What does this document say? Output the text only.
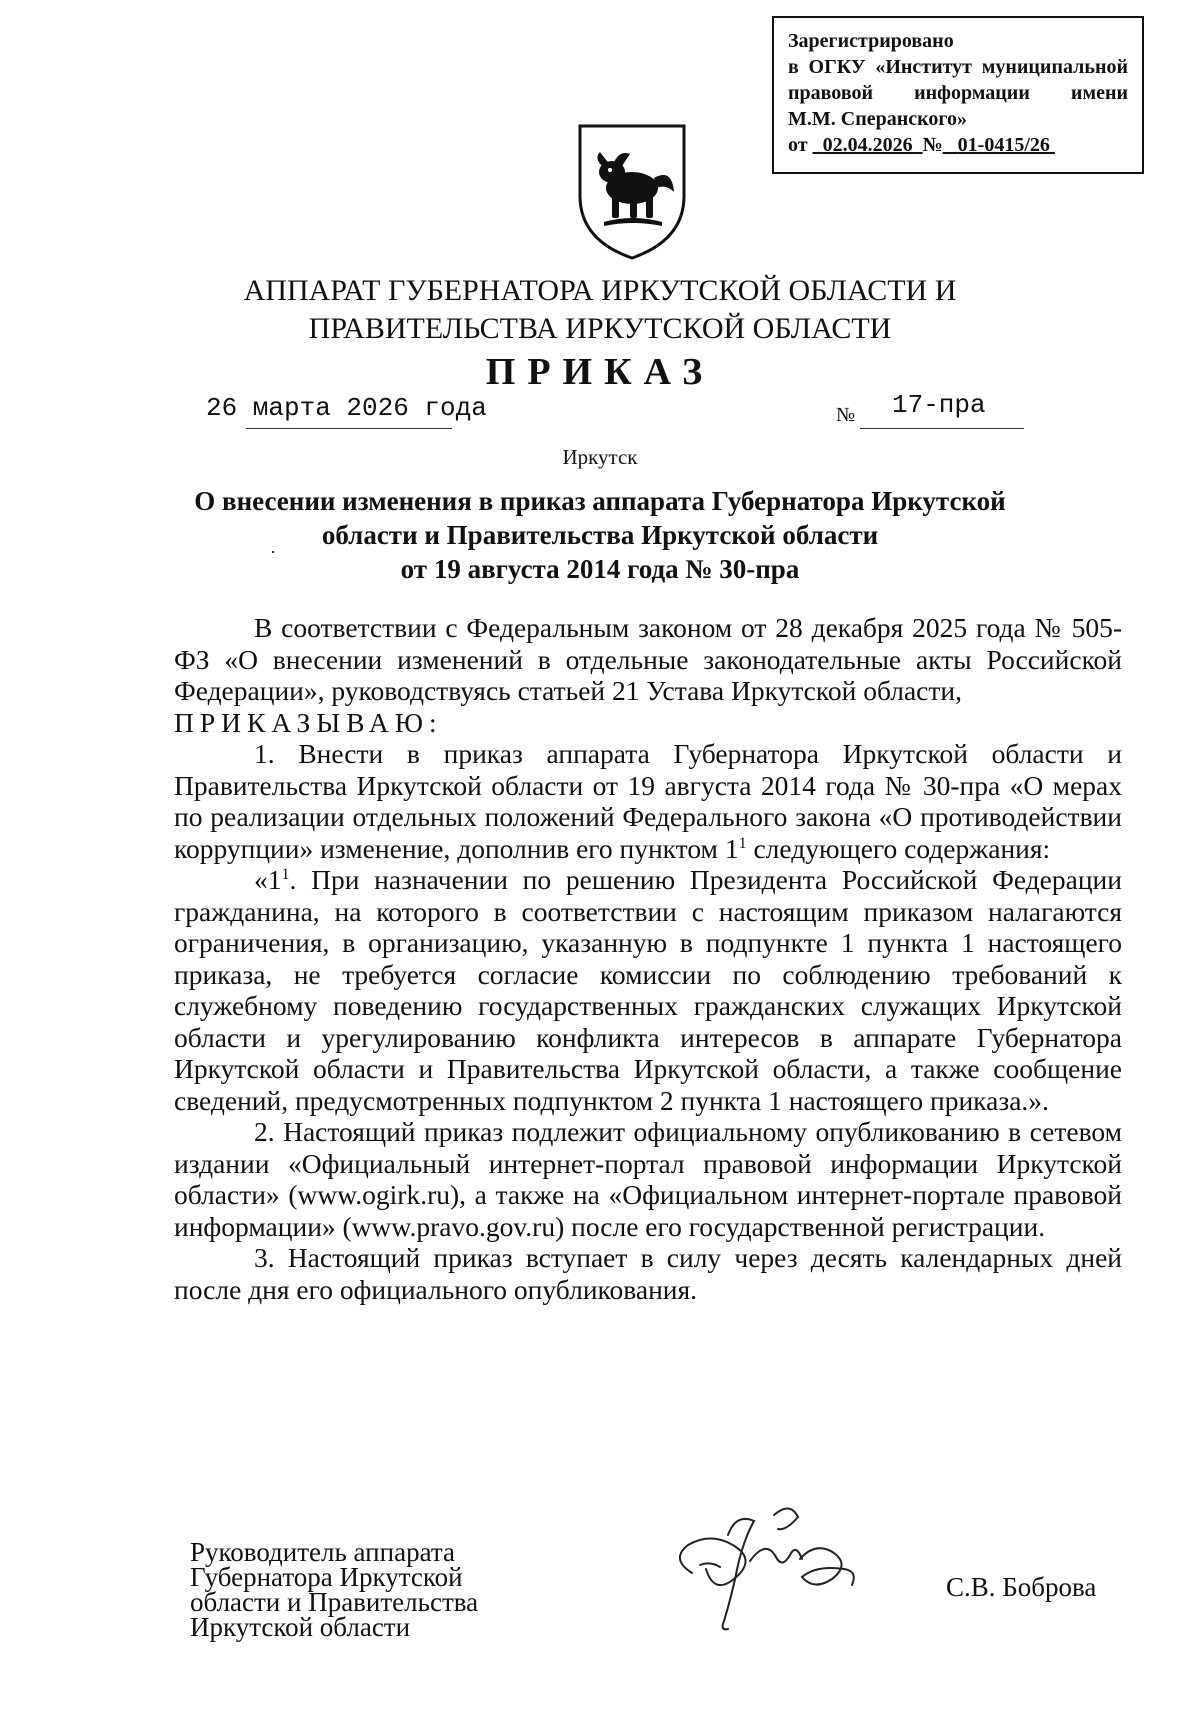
Зарегистрировано
в ОГКУ «Институт муниципальной
правовой информации имени
М.М. Сперанского»
от 02.04.2026 № 01-0415/26
АППАРАТ ГУБЕРНАТОРА ИРКУТСКОЙ ОБЛАСТИ И
ПРАВИТЕЛЬСТВА ИРКУТСКОЙ ОБЛАСТИ
ПРИКАЗ
26 марта 2026 года	№ 17-пра
Иркутск
О внесении изменения в приказ аппарата Губернатора Иркутской
области и Правительства Иркутской области
от 19 августа 2014 года № 30-пра

В соответствии с Федеральным законом от 28 декабря 2025 года № 505-ФЗ «О внесении изменений в отдельные законодательные акты Российской Федерации», руководствуясь статьей 21 Устава Иркутской области,

ПРИКАЗЫВАЮ:

1. Внести в приказ аппарата Губернатора Иркутской области и Правительства Иркутской области от 19 августа 2014 года № 30-пра «О мерах по реализации отдельных положений Федерального закона «О противодействии коррупции» изменение, дополнив его пунктом $1^1$ следующего содержания:

«$1^1$. При назначении по решению Президента Российской Федерации гражданина, на которого в соответствии с настоящим приказом налагаются ограничения, в организацию, указанную в подпункте 1 пункта 1 настоящего приказа, не требуется согласие комиссии по соблюдению требований к служебному поведению государственных гражданских служащих Иркутской области и урегулированию конфликта интересов в аппарате Губернатора Иркутской области и Правительства Иркутской области, а также сообщение сведений, предусмотренных подпунктом 2 пункта 1 настоящего приказа.».

2. Настоящий приказ подлежит официальному опубликованию в сетевом издании «Официальный интернет-портал правовой информации Иркутской области» (www.ogirk.ru), а также на «Официальном интернет-портале правовой информации» (www.pravo.gov.ru) после его государственной регистрации.

3. Настоящий приказ вступает в силу через десять календарных дней после дня его официального опубликования.

Руководитель аппарата
Губернатора Иркутской
области и Правительства
Иркутской области
С.В. Боброва
